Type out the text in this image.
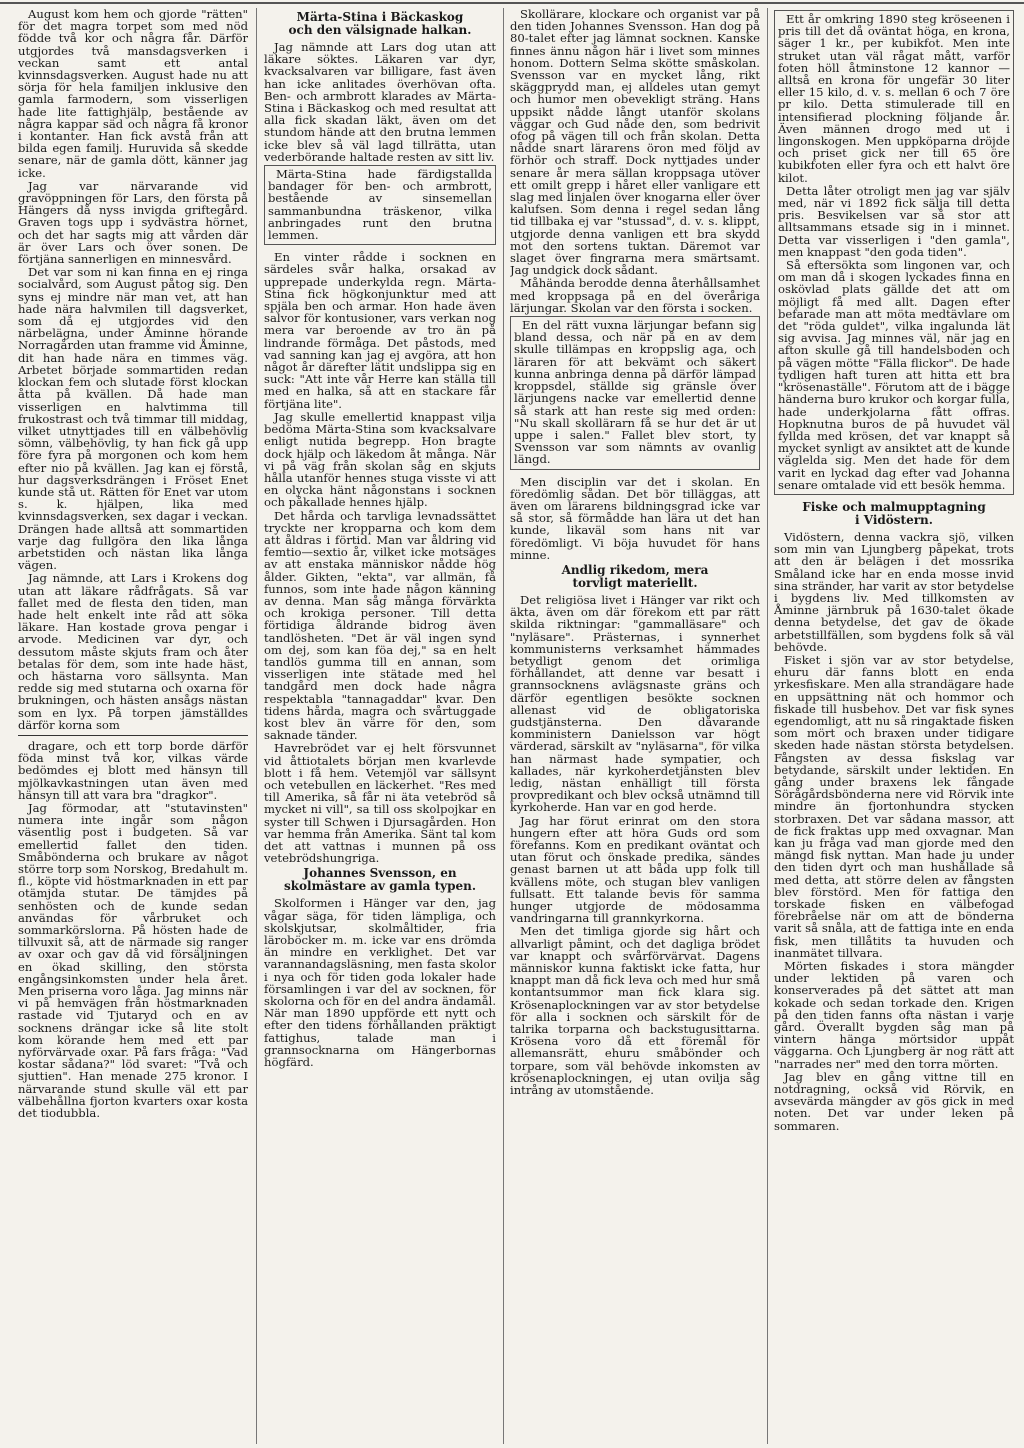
August kom hem och gjorde "rätten" för det magra torpet som med nöd födde två kor och några får. Därför utgjordes två mansdagsverken i veckan samt ett antal kvinnsdagsverken. August hade nu att sörja för hela familjen inklusive den gamla farmodern, som visserligen hade lite fattighjälp, bestående av några kappar säd och några få kronor i kontanter. Han fick avstå från att bilda egen familj. Huruvida så skedde senare, när de gamla dött, känner jag icke.

Jag var närvarande vid gravöppningen för Lars, den första på Hängers då nyss invigda griftegård. Graven togs upp i sydvästra hörnet, och det har sagts mig att vården där är över Lars och över sonen. De förtjäna sannerligen en minnesvård.

Det var som ni kan finna en ej ringa socialvård, som August påtog sig. Den syns ej mindre när man vet, att han hade nära halvmilen till dagsverket, som då ej utgjordes vid den närbelägna, under Åminne hörande Norragården utan framme vid Åminne, dit han hade nära en timmes väg. Arbetet började sommartiden redan klockan fem och slutade först klockan åtta på kvällen. Då hade man visserligen en halvtimma till frukostrast och två timmar till middag, vilket utnyttjades till en välbehövlig sömn, välbehövlig, ty han fick gå upp före fyra på morgonen och kom hem efter nio på kvällen. Jag kan ej förstå, hur dagsverksdrängen i Fröset Enet kunde stå ut. Rätten för Enet var utom s. k. hjälpen, lika med kvinnsdagsverken, sex dagar i veckan. Drängen hade alltså att sommartiden varje dag fullgöra den lika långa arbetstiden och nästan lika långa vägen.

Jag nämnde, att Lars i Krokens dog utan att läkare rådfrågats. Så var fallet med de flesta den tiden, man hade helt enkelt inte råd att söka läkare. Han kostade grova pengar i arvode. Medicinen var dyr, och dessutom måste skjuts fram och åter betalas för dem, som inte hade häst, och hästarna voro sällsynta. Man redde sig med stutarna och oxarna för brukningen, och hästen ansågs nästan som en lyx. På torpen jämställdes därför korna som

dragare, och ett torp borde därför föda minst två kor, vilkas värde bedömdes ej blott med hänsyn till mjölkavkastningen utan även med hänsyn till att vara bra "dragkor".

Jag förmodar, att "stutavinsten" numera inte ingår som någon väsentlig post i budgeten. Så var emellertid fallet den tiden. Småbönderna och brukare av något större torp som Norskog, Bredahult m. fl., köpte vid höstmarknaden in ett par otämjda stutar. De tämjdes på senhösten och de kunde sedan användas för vårbruket och sommarkörslorna. På hösten hade de tillvuxit så, att de närmade sig ranger av oxar och gav då vid försäljningen en ökad skilling, den största engångsinkomsten under hela året. Men priserna voro låga. Jag minns när vi på hemvägen från höstmarknaden rastade vid Tjutaryd och en av socknens drängar icke så lite stolt kom körande hem med ett par nyförvärvade oxar. På fars fråga: "Vad kostar sådana?" löd svaret: "Två och sjuttien". Han menade 275 kronor. I närvarande stund skulle väl ett par välbehållna fjorton kvarters oxar kosta det tiodubbla.

Märta-Stina i Bäckaskog
och den välsignade halkan.

Jag nämnde att Lars dog utan att läkare söktes. Läkaren var dyr, kvacksalvaren var billigare, fast även han icke anlitades överhövan ofta. Ben- och armbrott klarades av Märta-Stina i Bäckaskog och med resultat att alla fick skadan läkt, även om det stundom hände att den brutna lemmen icke blev så väl lagd tillrätta, utan vederbörande haltade resten av sitt liv.

Märta-Stina hade färdigstallda bandager för ben- och armbrott, bestående av sinsemellan sammanbundna träskenor, vilka anbringades runt den brutna lemmen.

En vinter rådde i socknen en särdeles svår halka, orsakad av upprepade underkylda regn. Märta-Stina fick högkonjunktur med att spjäla ben och armar. Hon hade även salvor för kontusioner, vars verkan nog mera var beroende av tro än på lindrande förmåga. Det påstods, med vad sanning kan jag ej avgöra, att hon något år därefter lätit undslippa sig en suck: "Att inte vår Herre kan ställa till med en halka, så att en stackare får förtjäna lite".

Jag skulle emellertid knappast vilja bedöma Märta-Stina som kvacksalvare enligt nutida begrepp. Hon bragte dock hjälp och läkedom åt många. När vi på väg från skolan såg en skjuts hålla utanför hennes stuga visste vi att en olycka hänt någonstans i socknen och påkallade hennes hjälp.

Det hårda och tarvliga levnadssättet tryckte ner kropparna och kom dem att åldras i förtid. Man var åldring vid femtio—sextio år, vilket icke motsäges av att enstaka människor nådde hög ålder. Gikten, "ekta", var allmän, få funnos, som inte hade någon känning av denna. Man såg många förvärkta och krokiga personer. Till detta förtidiga åldrande bidrog även tandlösheten. "Det är väl ingen synd om dej, som kan föa dej," sa en helt tandlös gumma till en annan, som visserligen inte stätade med hel tandgård men dock hade några respektabla "tannagaddar" kvar. Den tidens hårda, magra och svårtuggade kost blev än värre för den, som saknade tänder.

Havrebrödet var ej helt försvunnet vid åttiotalets början men kvarlevde blott i få hem. Vetemjöl var sällsynt och vetebullen en läckerhet. "Res med till Amerika, så får ni äta vetebröd så mycket ni vill", sa till oss skolpojkar en syster till Schwen i Djursagården. Hon var hemma från Amerika. Sänt tal kom det att vattnas i munnen på oss vetebrödshungriga.

Johannes Svensson, en skolmästare av gamla typen.

Skolformen i Hänger var den, jag vågar säga, för tiden lämpliga, och skolskjutsar, skolmåltider, fria läroböcker m. m. icke var ens drömda än mindre en verklighet. Det var varannandagsläsning, men fasta skolor i nya och för tiden goda lokaler hade församlingen i var del av socknen, för skolorna och för en del andra ändamål. När man 1890 uppförde ett nytt och efter den tidens förhållanden präktigt fattighus, talade man i grannsocknarna om Hängerbornas högfärd.

Skollärare, klockare och organist var på den tiden Johannes Svensson. Han dog på 80-talet efter jag lämnat socknen. Kanske finnes ännu någon här i livet som minnes honom. Dottern Selma skötte småskolan. Svensson var en mycket lång, rikt skäggprydd man, ej alldeles utan gemyt och humor men obevekligt sträng. Hans uppsikt nådde långt utanför skolans väggar och Gud nåde den, som bedrivit ofog på vägen till och från skolan. Detta nådde snart lärarens öron med följd av förhör och straff. Dock nyttjades under senare år mera sällan kroppsaga utöver ett omilt grepp i håret eller vanligare ett slag med linjalen över knogarna eller över kalufsen. Som denna i regel sedan lång tid tillbaka ej var "stussad", d. v. s. klippt, utgjorde denna vanligen ett bra skydd mot den sortens tuktan. Däremot var slaget över fingrarna mera smärtsamt. Jag undgick dock sådant.

Måhända berodde denna återhållsamhet med kroppsaga på en del överåriga lärjungar. Skolan var den första i socken.

En del rätt vuxna lärjungar befann sig bland dessa, och när på en av dem skulle tillämpas en kroppslig aga, och läraren för att bekvämt och säkert kunna anbringa denna på därför lämpad kroppsdel, ställde sig gränsle över lärjungens nacke var emellertid denne så stark att han reste sig med orden: "Nu skall skollärarn få se hur det är ut uppe i salen." Fallet blev stort, ty Svensson var som nämnts av ovanlig längd.

Men disciplin var det i skolan. En föredömlig sådan. Det bör tilläggas, att även om lärarens bildningsgrad icke var så stor, så förmådde han lära ut det han kunde, likaväl som hans nit var föredömligt. Vi böja huvudet för hans minne.

Andlig rikedom, mera
torvligt materiellt.

Det religiösa livet i Hänger var rikt och äkta, även om där förekom ett par rätt skilda riktningar: "gammalläsare" och "nyläsare". Prästernas, i synnerhet kommunisterns verksamhet hämmades betydligt genom det orimliga förhållandet, att denne var besatt i grannsocknens avlägsnaste gräns och därför egentligen besökte socknen allenast vid de obligatoriska gudstjänsterna. Den dåvarande komministern Danielsson var högt värderad, särskilt av "nyläsarna", för vilka han närmast hade sympatier, och kallades, när kyrkoherdetjänsten blev ledig, nästan enhälligt till första provpredikant och blev också utnämnd till kyrkoherde. Han var en god herde.

Jag har förut erinrat om den stora hungern efter att höra Guds ord som förefanns. Kom en predikant oväntat och utan förut och önskade predika, sändes genast barnen ut att båda upp folk till kvällens möte, och stugan blev vanligen fullsatt. Ett talande bevis för samma hunger utgjorde de mödosamma vandringarna till grannkyrkorna.

Men det timliga gjorde sig hårt och allvarligt påmint, och det dagliga brödet var knappt och svårförvärvat. Dagens människor kunna faktiskt icke fatta, hur knappt man då fick leva och med hur små kontantsummor man fick klara sig. Krösenaplockningen var av stor betydelse för alla i socknen och särskilt för de talrika torparna och backstugusittarna. Krösena voro då ett föremål för allemansrätt, ehuru småbönder och torpare, som väl behövde inkomsten av krösenaplockningen, ej utan ovilja såg intrång av utomstående.

Ett år omkring 1890 steg kröseenen i pris till det då oväntat höga, en krona, säger 1 kr., per kubikfot. Men inte struket utan väl rågat mått, varför foten höll åtminstone 12 kannor — alltså en krona för ungefär 30 liter eller 15 kilo, d. v. s. mellan 6 och 7 öre pr kilo. Detta stimulerade till en intensifierad plockning följande år. Även männen drogo med ut i lingonskogen. Men uppköparna dröjde och priset gick ner till 65 öre kubikfoten eller fyra och ett halvt öre kilot.

Detta låter otroligt men jag var själv med, när vi 1892 fick sälja till detta pris. Besvikelsen var så stor att alltsammans etsade sig in i minnet. Detta var visserligen i "den gamla", men knappast "den goda tiden".

Så eftersökta som lingonen var, och om man då i skogen lyckades finna en oskövlad plats gällde det att om möjligt få med allt. Dagen efter befarade man att möta medtävlare om det "röda guldet", vilka ingalunda lät sig avvisa. Jag minnes väl, när jag en afton skulle gå till handelsboden och på vägen mötte "Fälla flickor". De hade tydligen haft turen att hitta ett bra "krösenaställe". Förutom att de i bägge händerna buro krukor och korgar fulla, hade underkjolarna fått offras. Hopknutna buros de på huvudet väl fyllda med krösen, det var knappt så mycket synligt av ansiktet att de kunde väglelda sig. Men det hade för dem varit en lyckad dag efter vad Johanna senare omtalade vid ett besök hemma.

Fiske och malmupptagning
i Vidöstern.

Vidöstern, denna vackra sjö, vilken som min van Ljungberg påpekat, trots att den är belägen i det mossrika Småland icke har en enda mosse invid sina stränder, har varit av stor betydelse i bygdens liv. Med tillkomsten av Åminne järnbruk på 1630-talet ökade denna betydelse, det gav de ökade arbetstillfällen, som bygdens folk så väl behövde.

Fisket i sjön var av stor betydelse, ehuru där fanns blott en enda yrkesfiskare. Men alla strandägare hade en uppsättning nät och hommor och fiskade till husbehov. Det var fisk synes egendomligt, att nu så ringaktade fisken som mört och braxen under tidigare skeden hade nästan största betydelsen. Fångsten av dessa fiskslag var betydande, särskilt under lektiden. En gång under braxens lek fångade Sörågårdsbönderna nere vid Rörvik inte mindre än fjortonhundra stycken storbraxen. Det var sådana massor, att de fick fraktas upp med oxvagnar. Man kan ju fråga vad man gjorde med den mängd fisk nyttan. Man hade ju under den tiden dyrt och man hushållade så med detta, att större delen av fångsten blev förstörd. Men för fattiga den torskade fisken en välbefogad förebråelse när om att de bönderna varit så snåla, att de fattiga inte en enda fisk, men tillåtits ta huvuden och inanmätet tillvara.

Mörten fiskades i stora mängder under lektiden på varen och konserverades på det sättet att man kokade och sedan torkade den. Krigen på den tiden fanns ofta nästan i varje gård. Överallt bygden såg man på vintern hänga mörtsidor uppåt väggarna. Och Ljungberg är nog rätt att "narrades ner" med den torra mörten.

Jag blev en gång vittne till en notdragning, också vid Rörvik, en avsevärda mängder av gös gick in med noten. Det var under leken på sommaren.
